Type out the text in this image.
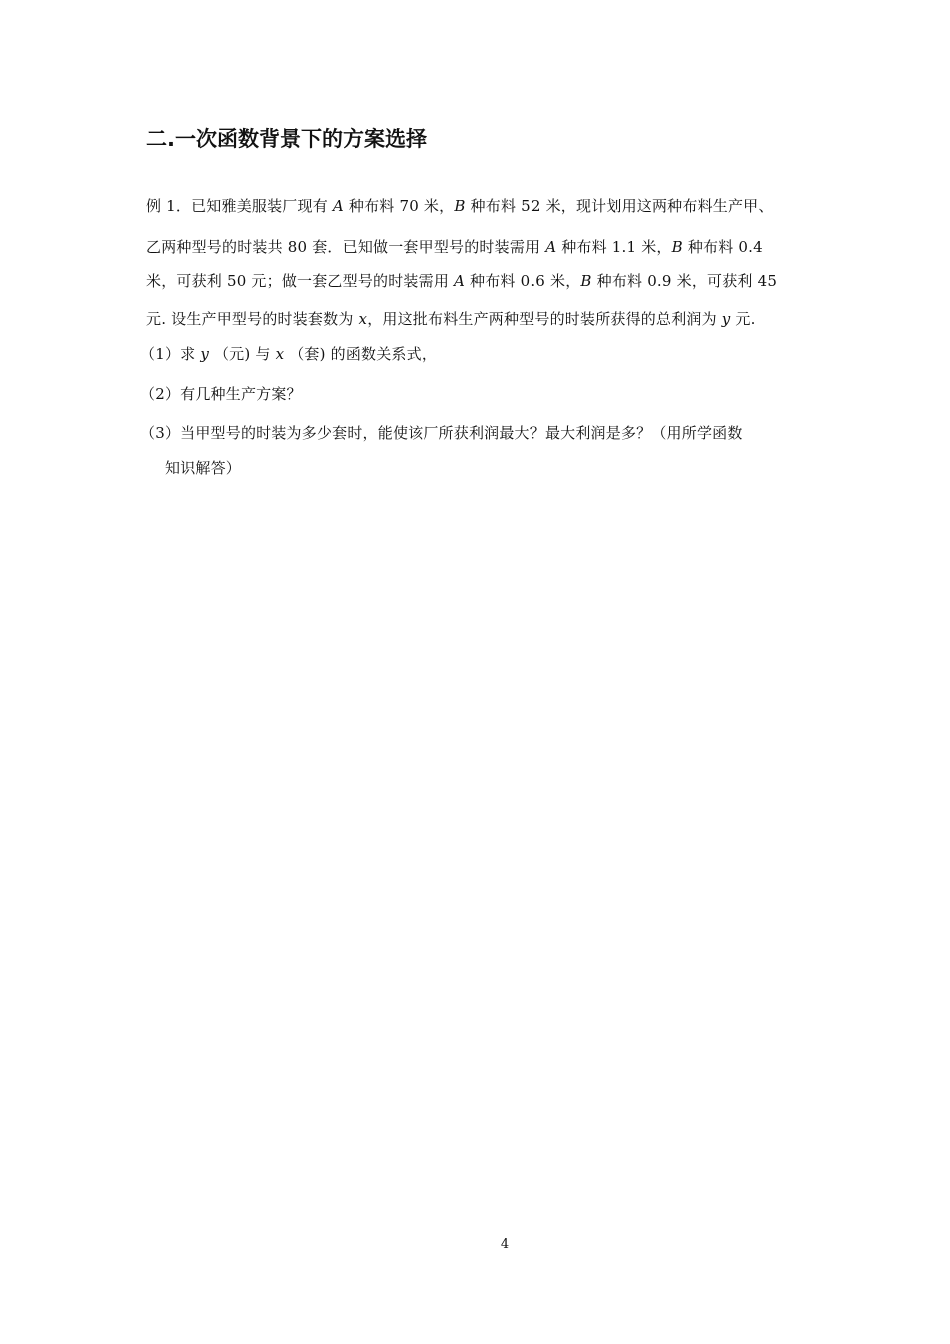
二.一次函数背景下的方案选择
例 1．已知雅美服装厂现有 A 种布料 70 米，B 种布料 52 米，现计划用这两种布料生产甲、
乙两种型号的时装共 80 套．已知做一套甲型号的时装需用 A 种布料 1.1 米，B 种布料 0.4
米，可获利 50 元；做一套乙型号的时装需用 A 种布料 0.6 米，B 种布料 0.9 米，可获利 45
元. 设生产甲型号的时装套数为 x，用这批布料生产两种型号的时装所获得的总利润为 y 元.
（1）求 y （元) 与 x （套) 的函数关系式，
（2）有几种生产方案？
（3）当甲型号的时装为多少套时，能使该厂所获利润最大？最大利润是多？（用所学函数
知识解答）
4
